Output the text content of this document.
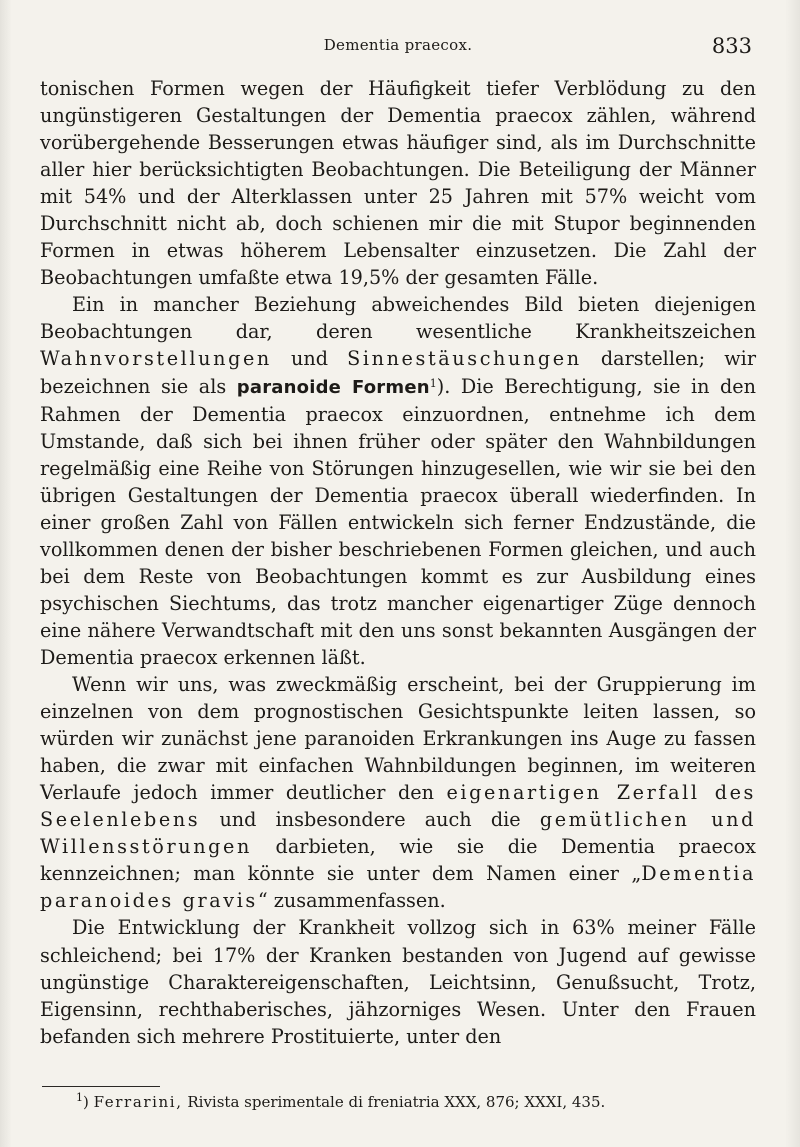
Dementia praecox.	833

tonischen Formen wegen der Häufigkeit tiefer Verblödung zu den ungünstigeren Gestaltungen der Dementia praecox zählen, während vorübergehende Besserungen etwas häufiger sind, als im Durchschnitte aller hier berücksichtigten Beobachtungen. Die Beteiligung der Männer mit 54% und der Alterklassen unter 25 Jahren mit 57% weicht vom Durchschnitt nicht ab, doch schienen mir die mit Stupor beginnenden Formen in etwas höherem Lebensalter einzusetzen. Die Zahl der Beobachtungen umfaßte etwa 19,5% der gesamten Fälle.

Ein in mancher Beziehung abweichendes Bild bieten diejenigen Beobachtungen dar, deren wesentliche Krankheitszeichen Wahnvorstellungen und Sinnestäuschungen darstellen; wir bezeichnen sie als paranoide Formen$^1$). Die Berechtigung, sie in den Rahmen der Dementia praecox einzuordnen, entnehme ich dem Umstande, daß sich bei ihnen früher oder später den Wahnbildungen regelmäßig eine Reihe von Störungen hinzugesellen, wie wir sie bei den übrigen Gestaltungen der Dementia praecox überall wiederfinden. In einer großen Zahl von Fällen entwickeln sich ferner Endzustände, die vollkommen denen der bisher beschriebenen Formen gleichen, und auch bei dem Reste von Beobachtungen kommt es zur Ausbildung eines psychischen Siechtums, das trotz mancher eigenartiger Züge dennoch eine nähere Verwandtschaft mit den uns sonst bekannten Ausgängen der Dementia praecox erkennen läßt.

Wenn wir uns, was zweckmäßig erscheint, bei der Gruppierung im einzelnen von dem prognostischen Gesichtspunkte leiten lassen, so würden wir zunächst jene paranoiden Erkrankungen ins Auge zu fassen haben, die zwar mit einfachen Wahnbildungen beginnen, im weiteren Verlaufe jedoch immer deutlicher den eigenartigen Zerfall des Seelenlebens und insbesondere auch die gemütlichen und Willensstörungen darbieten, wie sie die Dementia praecox kennzeichnen; man könnte sie unter dem Namen einer „Dementia paranoides gravis“ zusammenfassen.

Die Entwicklung der Krankheit vollzog sich in 63% meiner Fälle schleichend; bei 17% der Kranken bestanden von Jugend auf gewisse ungünstige Charaktereigenschaften, Leichtsinn, Genußsucht, Trotz, Eigensinn, rechthaberisches, jähzorniges Wesen. Unter den Frauen befanden sich mehrere Prostituierte, unter den

$^1$) Ferrarini, Rivista sperimentale di freniatria XXX, 876; XXXI, 435.
